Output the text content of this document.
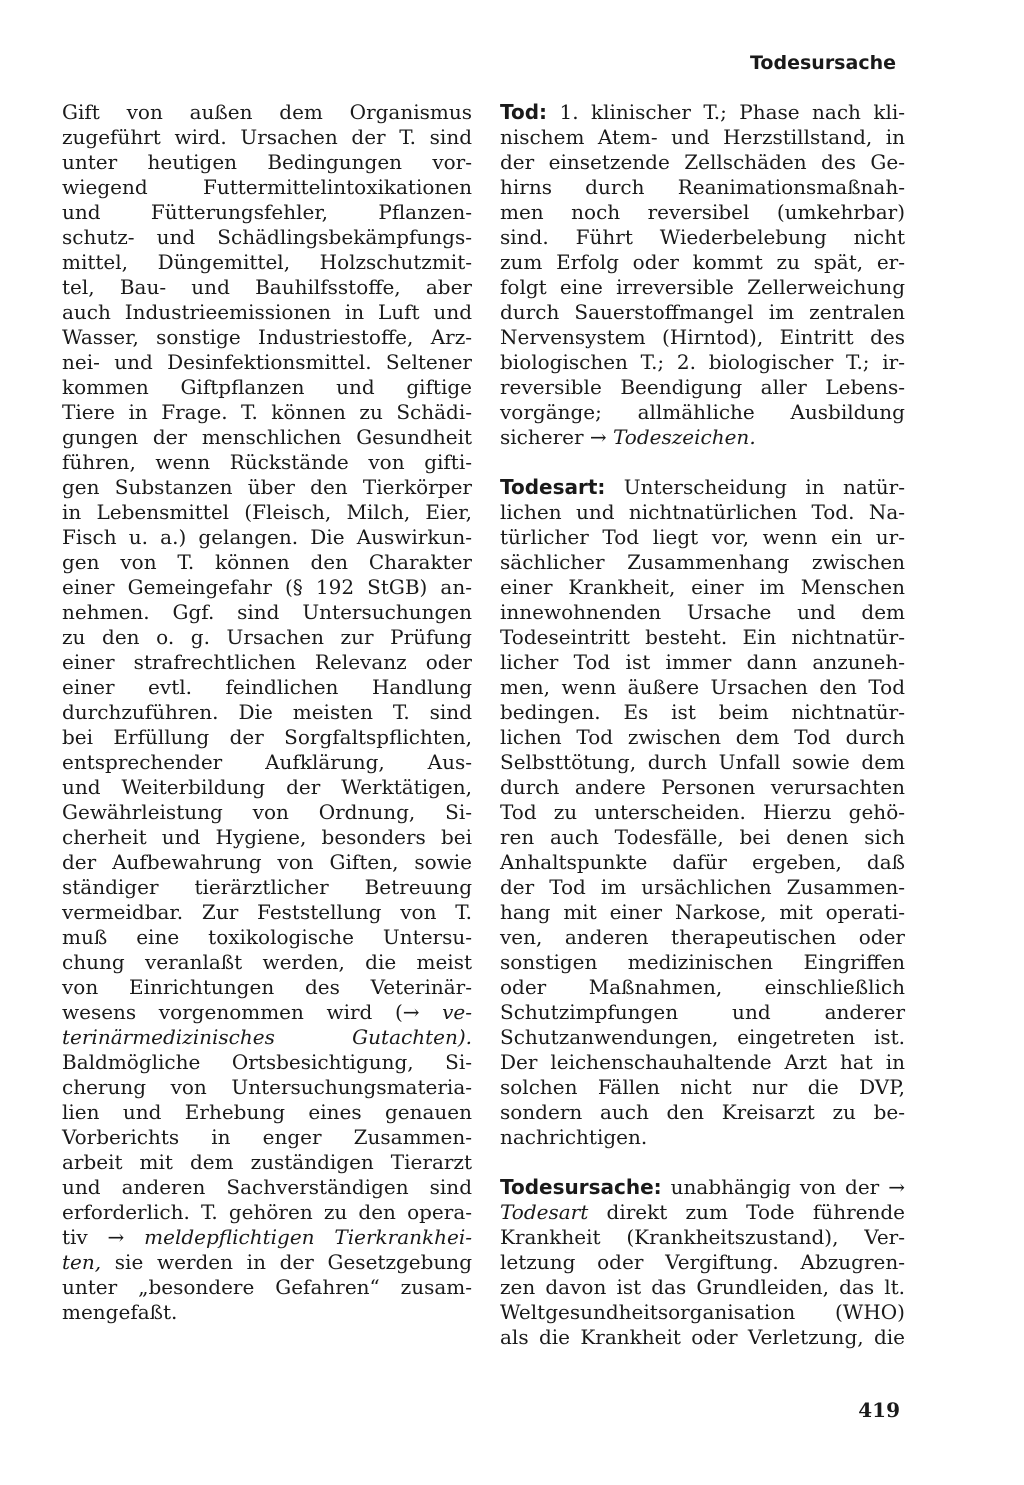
Todesursache
Gift von außen dem Organismus
zugeführt wird. Ursachen der T. sind
unter heutigen Bedingungen vor-
wiegend Futtermittelintoxikationen
und Fütterungsfehler, Pflanzen-
schutz- und Schädlingsbekämpfungs-
mittel, Düngemittel, Holzschutzmit-
tel, Bau- und Bauhilfsstoffe, aber
auch Industrieemissionen in Luft und
Wasser, sonstige Industriestoffe, Arz-
nei- und Desinfektionsmittel. Seltener
kommen Giftpflanzen und giftige
Tiere in Frage. T. können zu Schädi-
gungen der menschlichen Gesundheit
führen, wenn Rückstände von gifti-
gen Substanzen über den Tierkörper
in Lebensmittel (Fleisch, Milch, Eier,
Fisch u. a.) gelangen. Die Auswirkun-
gen von T. können den Charakter
einer Gemeingefahr (§ 192 StGB) an-
nehmen. Ggf. sind Untersuchungen
zu den o. g. Ursachen zur Prüfung
einer strafrechtlichen Relevanz oder
einer evtl. feindlichen Handlung
durchzuführen. Die meisten T. sind
bei Erfüllung der Sorgfaltspflichten,
entsprechender Aufklärung, Aus-
und Weiterbildung der Werktätigen,
Gewährleistung von Ordnung, Si-
cherheit und Hygiene, besonders bei
der Aufbewahrung von Giften, sowie
ständiger tierärztlicher Betreuung
vermeidbar. Zur Feststellung von T.
muß eine toxikologische Untersu-
chung veranlaßt werden, die meist
von Einrichtungen des Veterinär-
wesens vorgenommen wird (→ ve-
terinärmedizinisches Gutachten).
Baldmögliche Ortsbesichtigung, Si-
cherung von Untersuchungsmateria-
lien und Erhebung eines genauen
Vorberichts in enger Zusammen-
arbeit mit dem zuständigen Tierarzt
und anderen Sachverständigen sind
erforderlich. T. gehören zu den operа-
tiv → meldepflichtigen Tierkrankhei-
ten, sie werden in der Gesetzgebung
unter „besondere Gefahren“ zusam-
mengefaßt.
Tod: 1. klinischer T.; Phase nach kli-
nischem Atem- und Herzstillstand, in
der einsetzende Zellschäden des Ge-
hirns durch Reanimationsmaßnah-
men noch reversibel (umkehrbar)
sind. Führt Wiederbelebung nicht
zum Erfolg oder kommt zu spät, er-
folgt eine irreversible Zellerweichung
durch Sauerstoffmangel im zentralen
Nervensystem (Hirntod), Eintritt des
biologischen T.; 2. biologischer T.; ir-
reversible Beendigung aller Lebens-
vorgänge; allmähliche Ausbildung
sicherer → Todeszeichen.
Todesart: Unterscheidung in natür-
lichen und nichtnatürlichen Tod. Na-
türlicher Tod liegt vor, wenn ein ur-
sächlicher Zusammenhang zwischen
einer Krankheit, einer im Menschen
innewohnenden Ursache und dem
Todeseintritt besteht. Ein nichtnatür-
licher Tod ist immer dann anzuneh-
men, wenn äußere Ursachen den Tod
bedingen. Es ist beim nichtnatür-
lichen Tod zwischen dem Tod durch
Selbsttötung, durch Unfall sowie dem
durch andere Personen verursachten
Tod zu unterscheiden. Hierzu gehö-
ren auch Todesfälle, bei denen sich
Anhaltspunkte dafür ergeben, daß
der Tod im ursächlichen Zusammen-
hang mit einer Narkose, mit operati-
ven, anderen therapeutischen oder
sonstigen medizinischen Eingriffen
oder Maßnahmen, einschließlich
Schutzimpfungen und anderer
Schutzanwendungen, eingetreten ist.
Der leichenschauhaltende Arzt hat in
solchen Fällen nicht nur die DVP,
sondern auch den Kreisarzt zu be-
nachrichtigen.
Todesursache: unabhängig von der →
Todesart direkt zum Tode führende
Krankheit (Krankheitszustand), Ver-
letzung oder Vergiftung. Abzugren-
zen davon ist das Grundleiden, das lt.
Weltgesundheitsorganisation (WHO)
als die Krankheit oder Verletzung, die
419
